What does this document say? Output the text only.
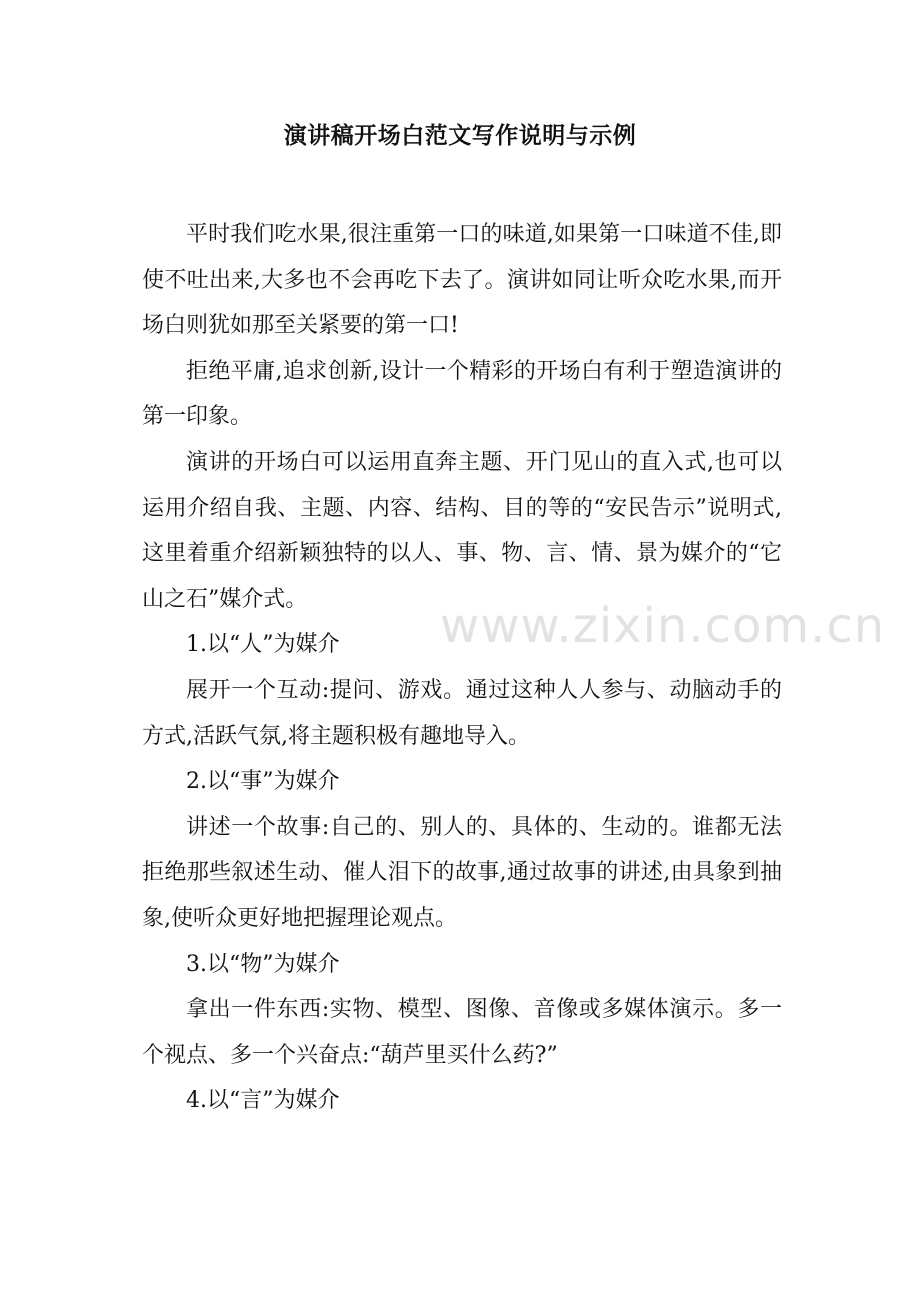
演讲稿开场白范文写作说明与示例

平时我们吃水果,很注重第一口的味道,如果第一口味道不佳,即使不吐出来,大多也不会再吃下去了。演讲如同让听众吃水果,而开场白则犹如那至关紧要的第一口!

拒绝平庸,追求创新,设计一个精彩的开场白有利于塑造演讲的第一印象。

演讲的开场白可以运用直奔主题、开门见山的直入式,也可以运用介绍自我、主题、内容、结构、目的等的“安民告示”说明式,这里着重介绍新颖独特的以人、事、物、言、情、景为媒介的“它山之石”媒介式。

1.以“人”为媒介

展开一个互动:提问、游戏。通过这种人人参与、动脑动手的方式,活跃气氛,将主题积极有趣地导入。

2.以“事”为媒介

讲述一个故事:自己的、别人的、具体的、生动的。谁都无法拒绝那些叙述生动、催人泪下的故事,通过故事的讲述,由具象到抽象,使听众更好地把握理论观点。

3.以“物”为媒介

拿出一件东西:实物、模型、图像、音像或多媒体演示。多一个视点、多一个兴奋点:“葫芦里买什么药?”

4.以“言”为媒介

www.zixin.com.cn
